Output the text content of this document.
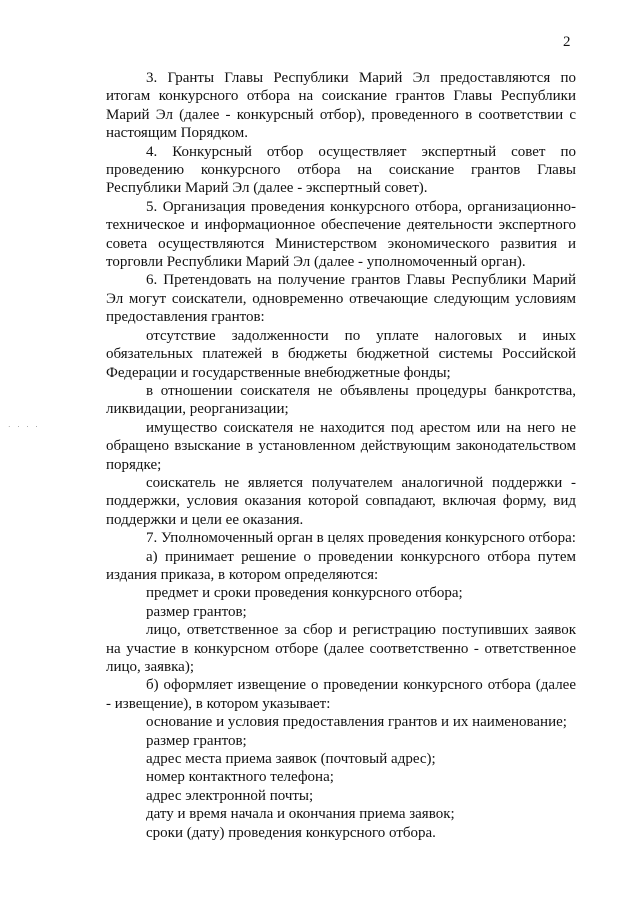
2
. . . .

3. Гранты Главы Республики Марий Эл предоставляются по итогам конкурсного отбора на соискание грантов Главы Республики Марий Эл (далее - конкурсный отбор), проведенного в соответствии с настоящим Порядком.

4. Конкурсный отбор осуществляет экспертный совет по проведению конкурсного отбора на соискание грантов Главы Республики Марий Эл (далее - экспертный совет).

5. Организация проведения конкурсного отбора, организационно-техническое и информационное обеспечение деятельности экспертного совета осуществляются Министерством экономического развития и торговли Республики Марий Эл (далее - уполномоченный орган).

6. Претендовать на получение грантов Главы Республики Марий Эл могут соискатели, одновременно отвечающие следующим условиям предоставления грантов:

отсутствие задолженности по уплате налоговых и иных обязательных платежей в бюджеты бюджетной системы Российской Федерации и государственные внебюджетные фонды;

в отношении соискателя не объявлены процедуры банкротства, ликвидации, реорганизации;

имущество соискателя не находится под арестом или на него не обращено взыскание в установленном действующим законодательством порядке;

соискатель не является получателем аналогичной поддержки - поддержки, условия оказания которой совпадают, включая форму, вид поддержки и цели ее оказания.

7. Уполномоченный орган в целях проведения конкурсного отбора:

а) принимает решение о проведении конкурсного отбора путем издания приказа, в котором определяются:

предмет и сроки проведения конкурсного отбора;

размер грантов;

лицо, ответственное за сбор и регистрацию поступивших заявок на участие в конкурсном отборе (далее соответственно - ответственное лицо, заявка);

б) оформляет извещение о проведении конкурсного отбора (далее - извещение), в котором указывает:

основание и условия предоставления грантов и их наименование;

размер грантов;

адрес места приема заявок (почтовый адрес);

номер контактного телефона;

адрес электронной почты;

дату и время начала и окончания приема заявок;

сроки (дату) проведения конкурсного отбора.
